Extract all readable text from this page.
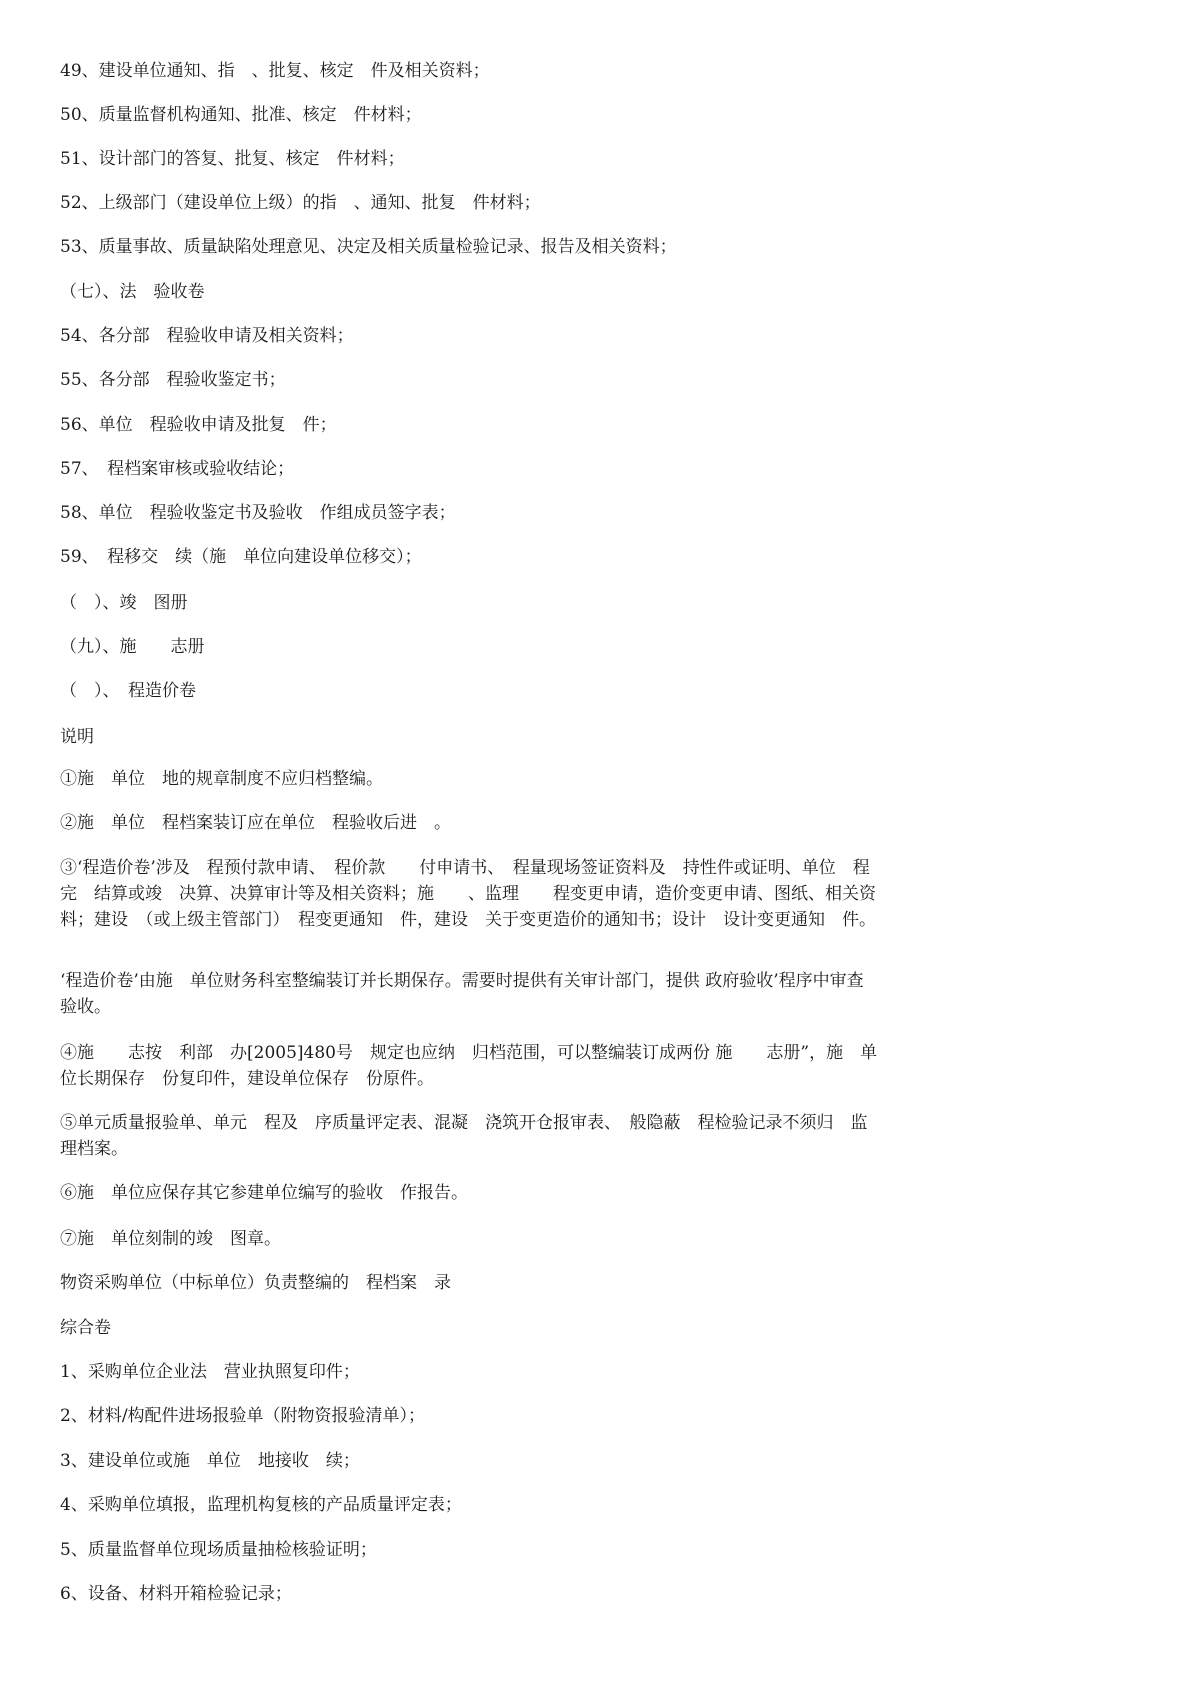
49、建设单位通知、指　、批复、核定　件及相关资料；
50、质量监督机构通知、批准、核定　件材料；
51、设计部门的答复、批复、核定　件材料；
52、上级部门（建设单位上级）的指　、通知、批复　件材料；
53、质量事故、质量缺陷处理意见、决定及相关质量检验记录、报告及相关资料；
（七）、法　验收卷
54、各分部　程验收申请及相关资料；
55、各分部　程验收鉴定书；
56、单位　程验收申请及批复　件；
57、　程档案审核或验收结论；
58、单位　程验收鉴定书及验收　作组成员签字表；
59、　程移交　续（施　单位向建设单位移交）；
（　）、竣　图册
（九）、施　　志册
（　）、　程造价卷
说明
①施　单位　地的规章制度不应归档整编。
②施　单位　程档案装订应在单位　程验收后进　。
③‘程造价卷’涉及　程预付款申请、　程价款　　付申请书、　程量现场签证资料及　持性件或证明、单位　程完　结算或竣　决算、决算审计等及相关资料；施　　、监理　　程变更申请，造价变更申请、图纸、相关资料；建设　（或上级主管部门）　程变更通知　件，建设　关于变更造价的通知书；设计　设计变更通知　件。
‘程造价卷’由施　单位财务科室整编装订并长期保存。需要时提供有关审计部门，提供 政府验收’程序中审查验收。
④施　　志按　利部　办[2005]480号　规定也应纳　归档范围，可以整编装订成两份 施　　志册”，施　单位长期保存　份复印件，建设单位保存　份原件。
⑤单元质量报验单、单元　程及　序质量评定表、混凝　浇筑开仓报审表、　般隐蔽　程检验记录不须归　监理档案。
⑥施　单位应保存其它参建单位编写的验收　作报告。
⑦施　单位刻制的竣　图章。
物资采购单位（中标单位）负责整编的　程档案　录
综合卷
1、采购单位企业法　营业执照复印件；
2、材料/构配件进场报验单（附物资报验清单）；
3、建设单位或施　单位　地接收　续；
4、采购单位填报，监理机构复核的产品质量评定表；
5、质量监督单位现场质量抽检核验证明；
6、设备、材料开箱检验记录；
